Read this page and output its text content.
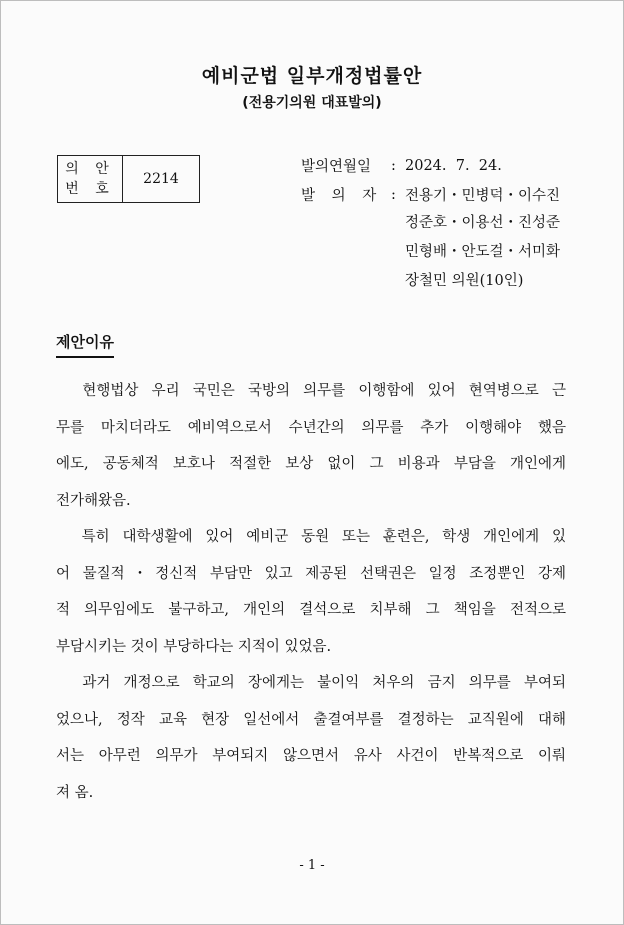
예비군법 일부개정법률안
(전용기의원 대표발의)
의 안
번 호
2214
발의연월일	: 2024.  7.  24.
발 의 자 : 전용기・민병덕・이수진
정준호・이용선・진성준
민형배・안도걸・서미화
장철민 의원(10인)
제안이유
현행법상 우리 국민은 국방의 의무를 이행함에 있어 현역병으로 근
무를 마치더라도 예비역으로서 수년간의 의무를 추가 이행해야 했음
에도, 공동체적 보호나 적절한 보상 없이 그 비용과 부담을 개인에게
전가해왔음.
특히 대학생활에 있어 예비군 동원 또는 훈련은, 학생 개인에게 있
어 물질적・정신적 부담만 있고 제공된 선택권은 일정 조정뿐인 강제
적 의무임에도 불구하고, 개인의 결석으로 치부해 그 책임을 전적으로
부담시키는 것이 부당하다는 지적이 있었음.
과거 개정으로 학교의 장에게는 불이익 처우의 금지 의무를 부여되
었으나, 정작 교육 현장 일선에서 출결여부를 결정하는 교직원에 대해
서는 아무런 의무가 부여되지 않으면서 유사 사건이 반복적으로 이뤄
져 옴.
- 1 -
